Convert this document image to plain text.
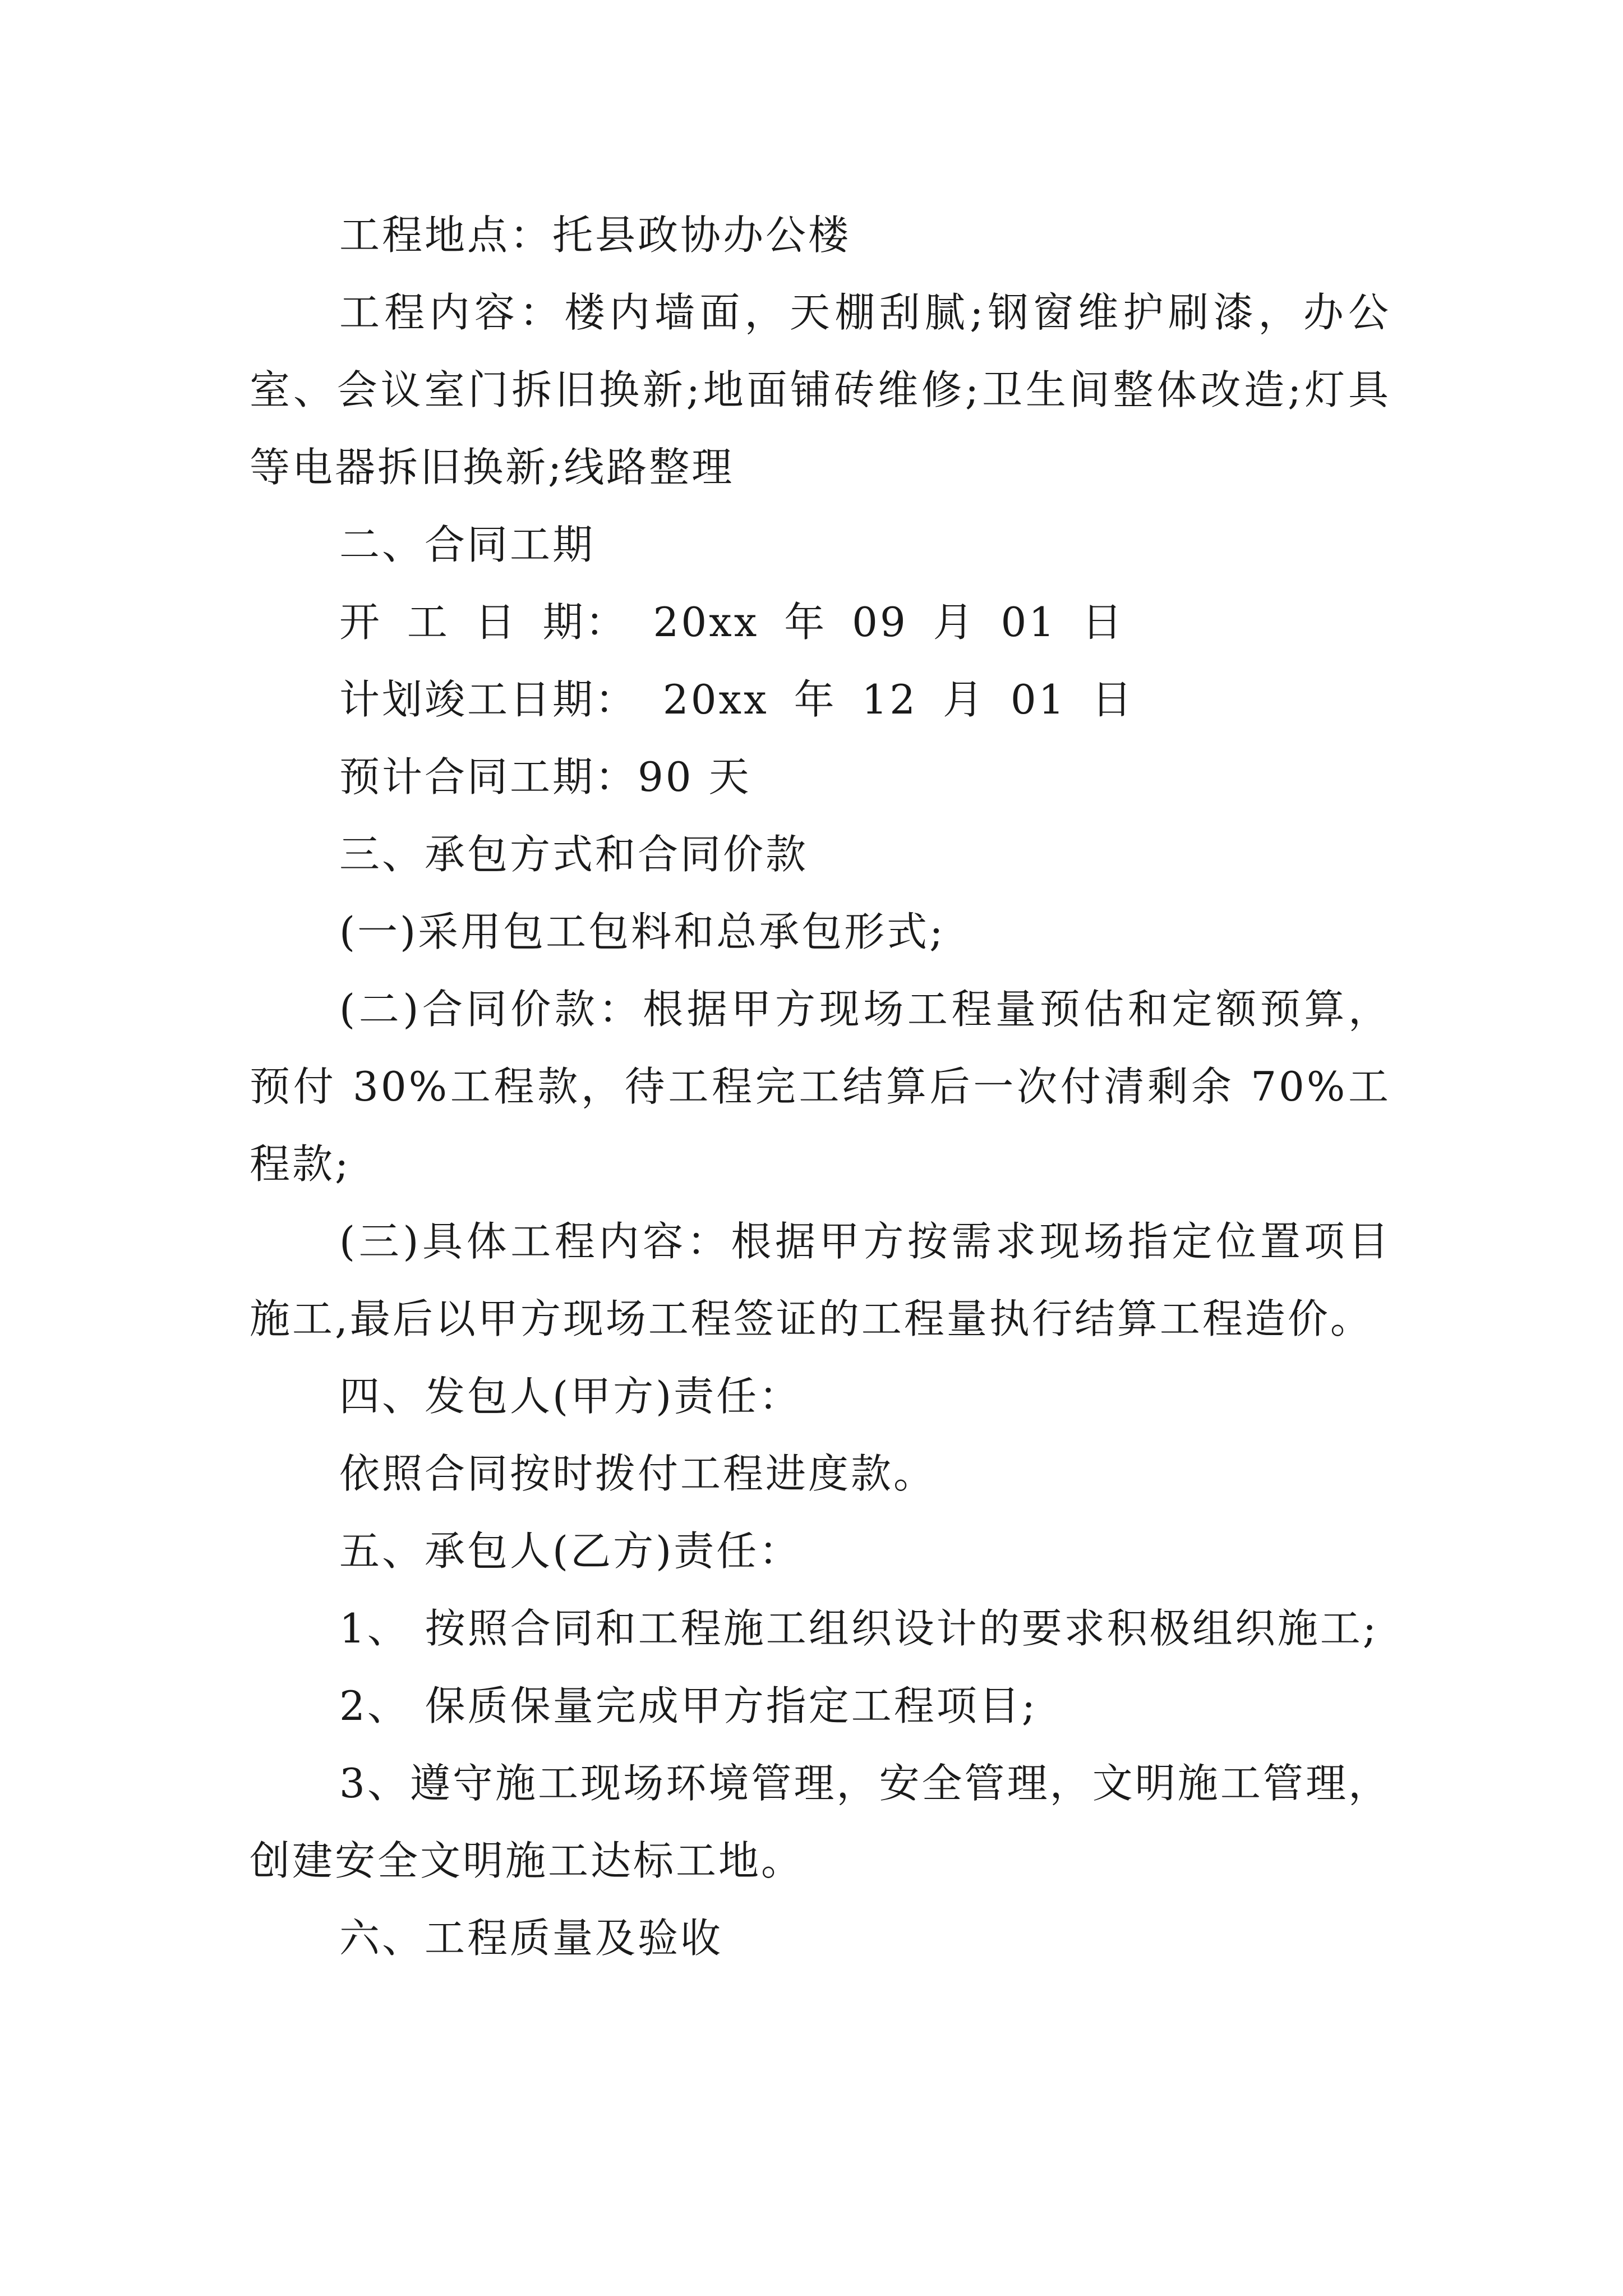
工程地点：托县政协办公楼

工程内容：楼内墙面，天棚刮腻;钢窗维护刷漆，办公室、会议室门拆旧换新;地面铺砖维修;卫生间整体改造;灯具等电器拆旧换新;线路整理

二、合同工期

开 工 日 期： 20xx 年 09 月 01 日

计划竣工日期： 20xx 年 12 月 01 日

预计合同工期：90 天

三、承包方式和合同价款

(一)采用包工包料和总承包形式;

(二)合同价款：根据甲方现场工程量预估和定额预算，预付 30%工程款，待工程完工结算后一次付清剩余 70%工程款;

(三)具体工程内容：根据甲方按需求现场指定位置项目施工,最后以甲方现场工程签证的工程量执行结算工程造价。

四、发包人(甲方)责任：

依照合同按时拨付工程进度款。

五、承包人(乙方)责任：

1、 按照合同和工程施工组织设计的要求积极组织施工;

2、 保质保量完成甲方指定工程项目;

3、遵守施工现场环境管理，安全管理，文明施工管理，创建安全文明施工达标工地。

六、工程质量及验收
